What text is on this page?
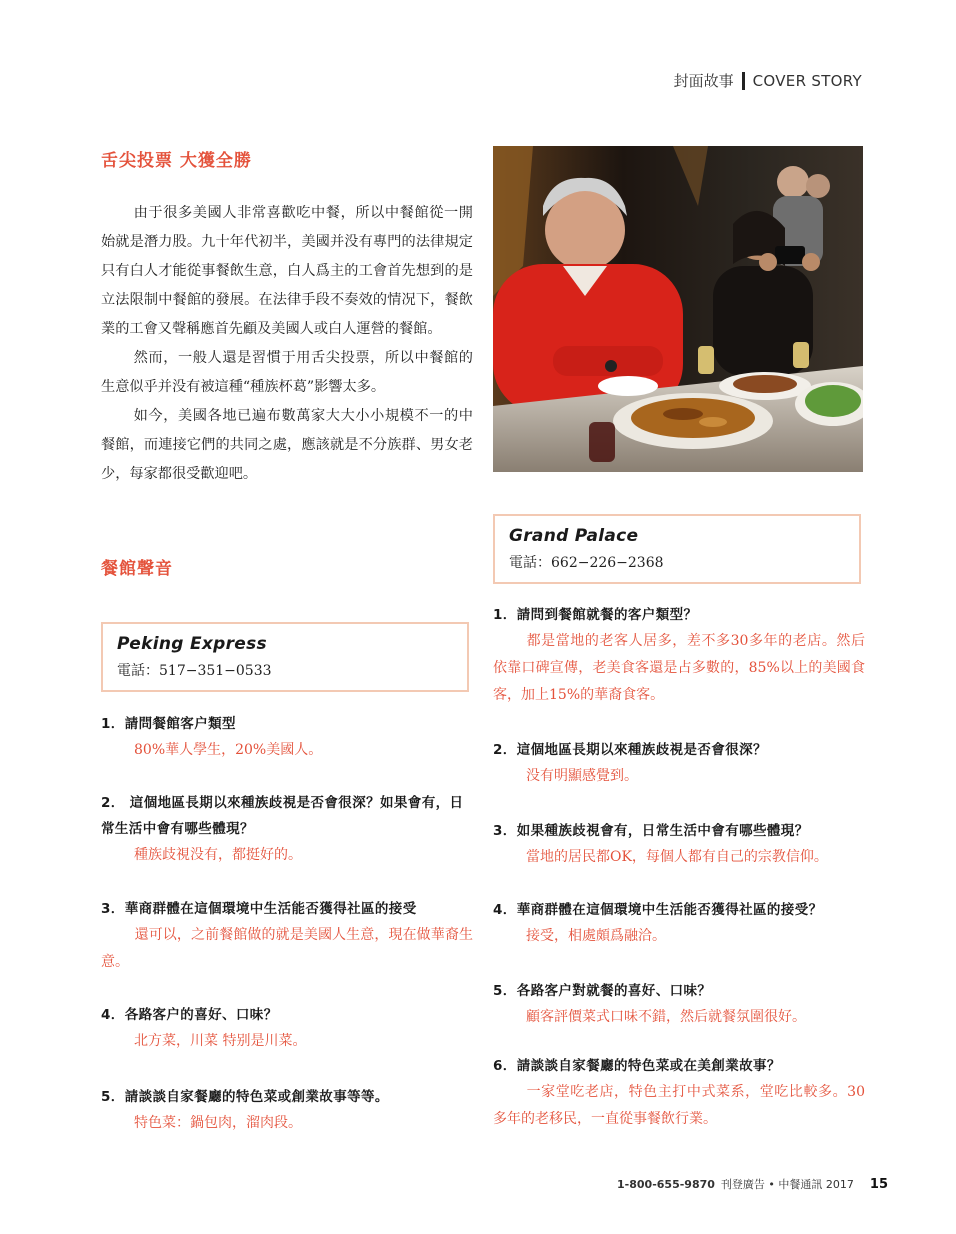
封面故事 COVER STORY
舌尖投票 大獲全勝

由于很多美國人非常喜歡吃中餐，所以中餐館從一開始就是潛力股。九十年代初半，美國并没有專門的法律規定只有白人才能從事餐飲生意，白人爲主的工會首先想到的是立法限制中餐館的發展。在法律手段不奏效的情况下，餐飲業的工會又聲稱應首先顧及美國人或白人運營的餐館。

然而，一般人還是習慣于用舌尖投票，所以中餐館的生意似乎并没有被這種“種族杯葛”影響太多。

如今，美國各地已遍布數萬家大大小小規模不一的中餐館，而連接它們的共同之處，應該就是不分族群、男女老少，每家都很受歡迎吧。

餐館聲音
Peking Express
電話：517−351−0533
1．請問餐館客户類型
80%華人學生，20%美國人。
2． 這個地區長期以來種族歧視是否會很深？如果會有，日常生活中會有哪些體現？
種族歧視没有，都挺好的。
3．華商群體在這個環境中生活能否獲得社區的接受
還可以，之前餐館做的就是美國人生意，現在做華裔生意。
4．各路客户的喜好、口味？
北方菜，川菜 特别是川菜。
5．請談談自家餐廳的特色菜或創業故事等等。
特色菜：鍋包肉，溜肉段。
Grand Palace
電話：662−226−2368
1．請問到餐館就餐的客户類型？
都是當地的老客人居多，差不多30多年的老店。然后依靠口碑宣傳，老美食客還是占多數的，85%以上的美國食客，加上15%的華裔食客。
2．這個地區長期以來種族歧視是否會很深？
没有明顯感覺到。
3．如果種族歧視會有，日常生活中會有哪些體現？
當地的居民都OK，每個人都有自己的宗教信仰。
4．華商群體在這個環境中生活能否獲得社區的接受？
接受，相處頗爲融洽。
5．各路客户對就餐的喜好、口味？
顧客評價菜式口味不錯，然后就餐氛圍很好。
6．請談談自家餐廳的特色菜或在美創業故事？
一家堂吃老店，特色主打中式菜系，堂吃比較多。30多年的老移民，一直從事餐飲行業。
1-800-655-9870 刊登廣告 • 中餐通訊 2017 15
